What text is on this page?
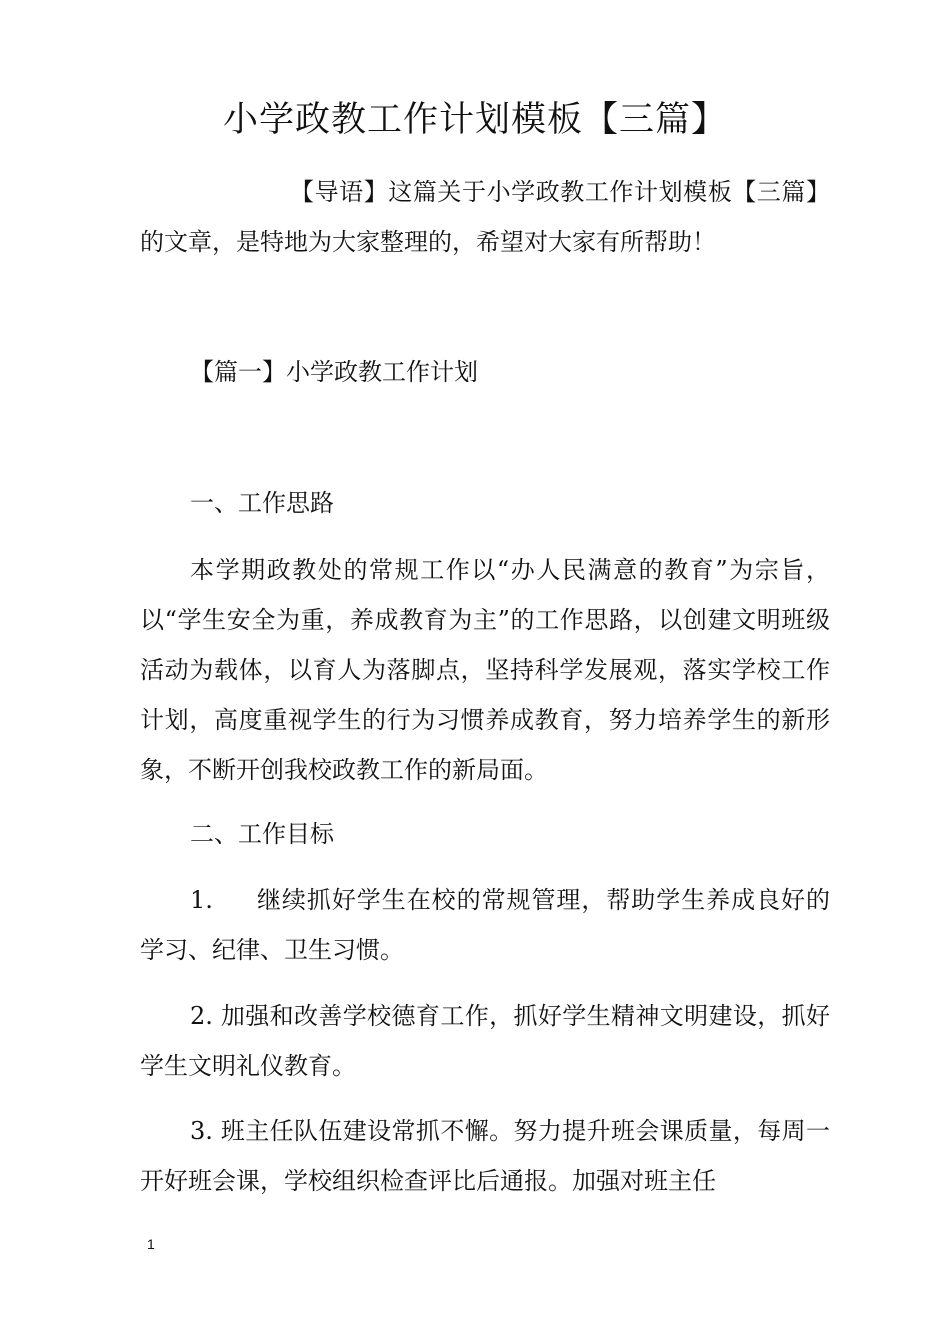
小学政教工作计划模板【三篇】

【导语】这篇关于小学政教工作计划模板【三篇】的文章，是特地为大家整理的，希望对大家有所帮助！

【篇一】小学政教工作计划

一、工作思路

本学期政教处的常规工作以“办人民满意的教育”为宗旨，以“学生安全为重，养成教育为主”的工作思路，以创建文明班级活动为载体，以育人为落脚点，坚持科学发展观，落实学校工作计划，高度重视学生的行为习惯养成教育，努力培养学生的新形象，不断开创我校政教工作的新局面。

二、工作目标

1. 继续抓好学生在校的常规管理，帮助学生养成良好的学习、纪律、卫生习惯。

2. 加强和改善学校德育工作，抓好学生精神文明建设，抓好学生文明礼仪教育。

3. 班主任队伍建设常抓不懈。努力提升班会课质量，每周一开好班会课，学校组织检查评比后通报。加强对班主任

1
